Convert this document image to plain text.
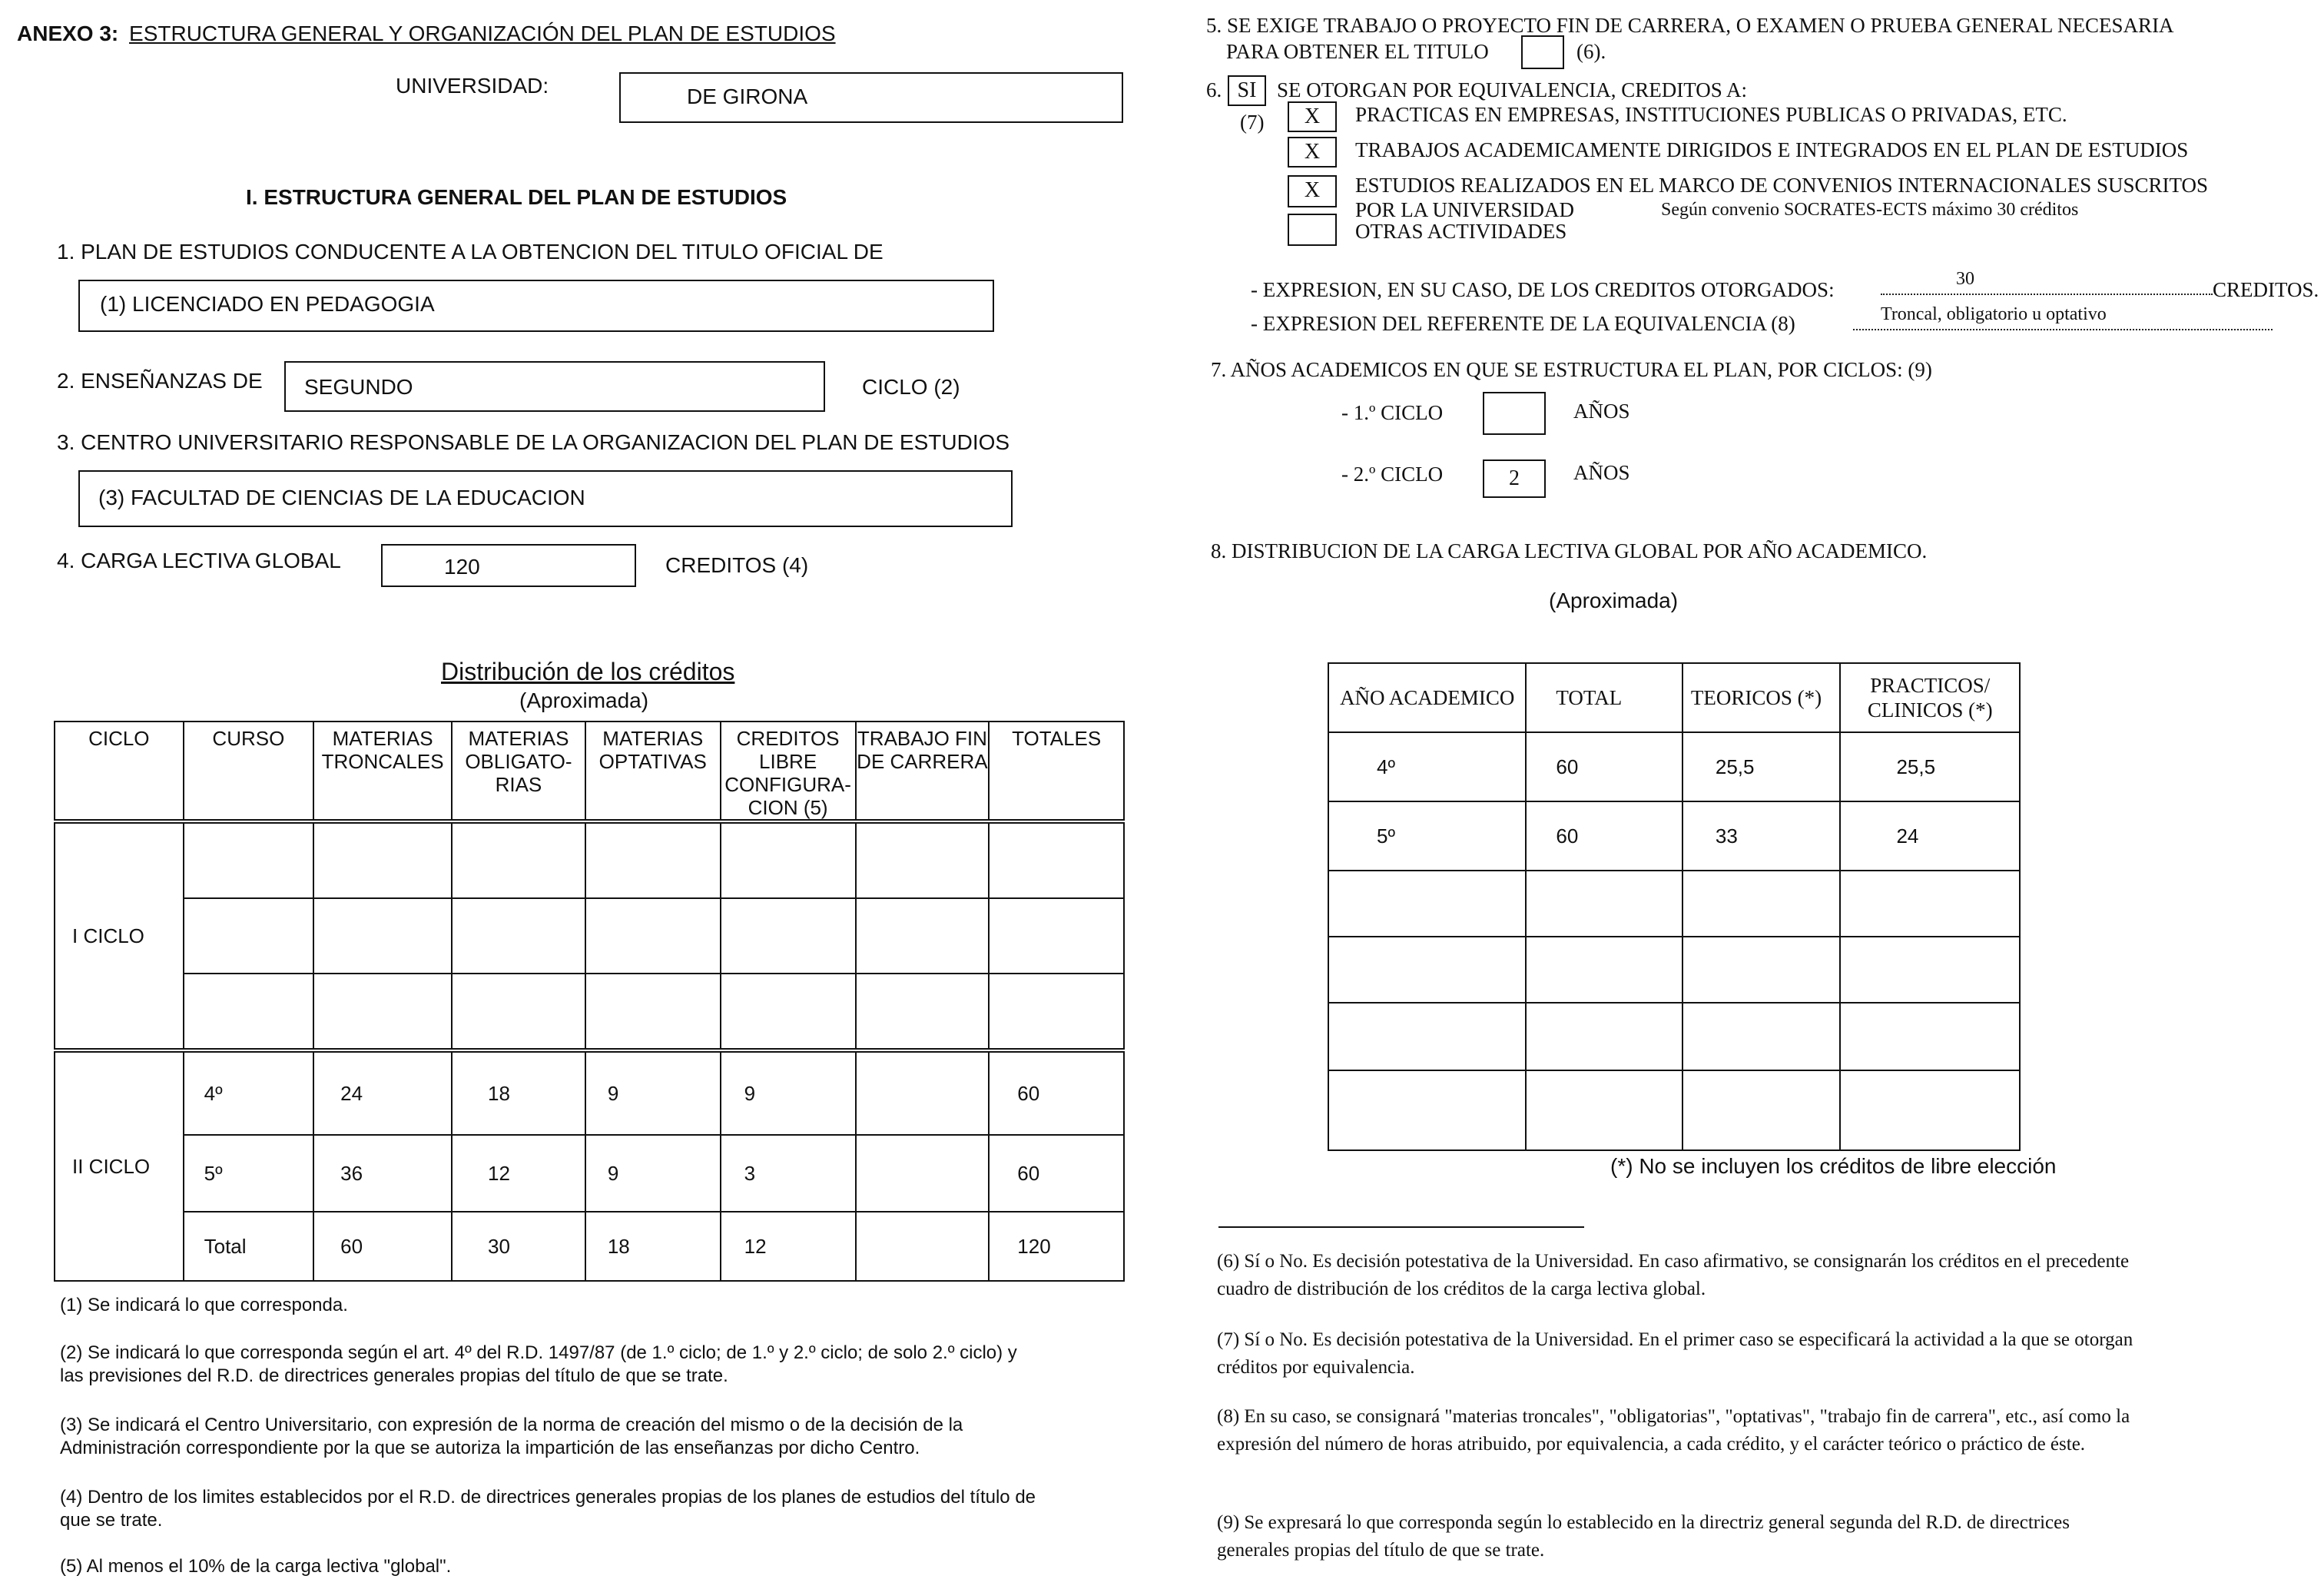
ANEXO 3: ESTRUCTURA GENERAL Y ORGANIZACIÓN DEL PLAN DE ESTUDIOS
UNIVERSIDAD:	DE GIRONA
I. ESTRUCTURA GENERAL DEL PLAN DE ESTUDIOS
1. PLAN DE ESTUDIOS CONDUCENTE A LA OBTENCION DEL TITULO OFICIAL DE
(1) LICENCIADO EN PEDAGOGIA
2. ENSEÑANZAS DE SEGUNDO	CICLO (2)
3. CENTRO UNIVERSITARIO RESPONSABLE DE LA ORGANIZACION DEL PLAN DE ESTUDIOS
(3) FACULTAD DE CIENCIAS DE LA EDUCACION
4. CARGA LECTIVA GLOBAL	120	CREDITOS (4)
Distribución de los créditos
(Aproximada)
CICLO	CURSO	MATERIAS TRONCALES	MATERIAS OBLIGATO- RIAS	MATERIAS OPTATIVAS	CREDITOS LIBRE CONFIGURA- CION (5)	TRABAJO FIN DE CARRERA	TOTALES
I CICLO							

II CICLO	4º	24	18	9	9		60
	5º	36	12	9	3		60
	Total	60	30	18	12		120
(1) Se indicará lo que corresponda.
(2) Se indicará lo que corresponda según el art. 4º del R.D. 1497/87 (de 1.º ciclo; de 1.º y 2.º ciclo; de solo 2.º ciclo) y las previsiones del R.D. de directrices generales propias del título de que se trate.
(3) Se indicará el Centro Universitario, con expresión de la norma de creación del mismo o de la decisión de la Administración correspondiente por la que se autoriza la impartición de las enseñanzas por dicho Centro.
(4) Dentro de los limites establecidos por el R.D. de directrices generales propias de los planes de estudios del título de que se trate.
(5) Al menos el 10% de la carga lectiva "global".
5. SE EXIGE TRABAJO O PROYECTO FIN DE CARRERA, O EXAMEN O PRUEBA GENERAL NECESARIA
PARA OBTENER EL TITULO	(6).
6. SI SE OTORGAN POR EQUIVALENCIA, CREDITOS A:
(7)	X	PRACTICAS EN EMPRESAS, INSTITUCIONES PUBLICAS O PRIVADAS, ETC.
X	TRABAJOS ACADEMICAMENTE DIRIGIDOS E INTEGRADOS EN EL PLAN DE ESTUDIOS
X	ESTUDIOS REALIZADOS EN EL MARCO DE CONVENIOS INTERNACIONALES SUSCRITOS
POR LA UNIVERSIDAD	Según convenio SOCRATES-ECTS máximo 30 créditos
OTRAS ACTIVIDADES
- EXPRESION, EN SU CASO, DE LOS CREDITOS OTORGADOS:	30	CREDITOS.
- EXPRESION DEL REFERENTE DE LA EQUIVALENCIA (8)	Troncal, obligatorio u optativo
7. AÑOS ACADEMICOS EN QUE SE ESTRUCTURA EL PLAN, POR CICLOS: (9)
- 1.º CICLO	AÑOS
- 2.º CICLO	2	AÑOS
8. DISTRIBUCION DE LA CARGA LECTIVA GLOBAL POR AÑO ACADEMICO.
(Aproximada)
AÑO ACADEMICO	TOTAL	TEORICOS (*)	PRACTICOS/ CLINICOS (*)
4º	60	25,5	25,5
5º	60	33	24

(*) No se incluyen los créditos de libre elección
(6) Sí o No. Es decisión potestativa de la Universidad. En caso afirmativo, se consignarán los créditos en el precedente cuadro de distribución de los créditos de la carga lectiva global.
(7) Sí o No. Es decisión potestativa de la Universidad. En el primer caso se especificará la actividad a la que se otorgan créditos por equivalencia.
(8) En su caso, se consignará "materias troncales", "obligatorias", "optativas", "trabajo fin de carrera", etc., así como la expresión del número de horas atribuido, por equivalencia, a cada crédito, y el carácter teórico o práctico de éste.
(9) Se expresará lo que corresponda según lo establecido en la directriz general segunda del R.D. de directrices generales propias del título de que se trate.
